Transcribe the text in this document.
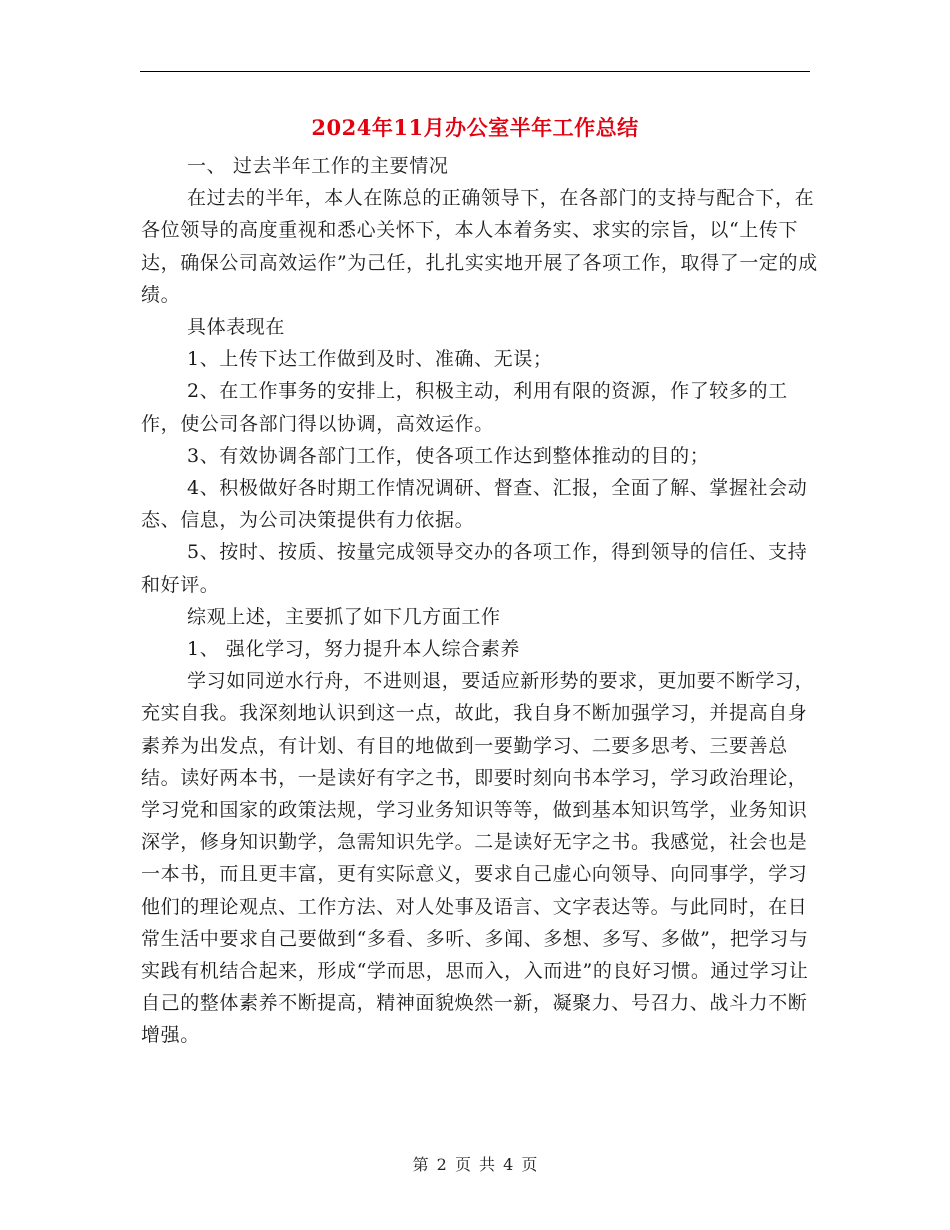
2024年11月办公室半年工作总结

一、 过去半年工作的主要情况

在过去的半年，本人在陈总的正确领导下，在各部门的支持与配合下，在各位领导的高度重视和悉心关怀下，本人本着务实、求实的宗旨，以“上传下达，确保公司高效运作”为己任，扎扎实实地开展了各项工作，取得了一定的成绩。

具体表现在

1、上传下达工作做到及时、准确、无误；

2、在工作事务的安排上，积极主动，利用有限的资源，作了较多的工作，使公司各部门得以协调，高效运作。

3、有效协调各部门工作，使各项工作达到整体推动的目的；

4、积极做好各时期工作情况调研、督查、汇报，全面了解、掌握社会动态、信息，为公司决策提供有力依据。

5、按时、按质、按量完成领导交办的各项工作，得到领导的信任、支持和好评。

综观上述，主要抓了如下几方面工作

1、 强化学习，努力提升本人综合素养

学习如同逆水行舟，不进则退，要适应新形势的要求，更加要不断学习，充实自我。我深刻地认识到这一点，故此，我自身不断加强学习，并提高自身素养为出发点，有计划、有目的地做到一要勤学习、二要多思考、三要善总结。读好两本书，一是读好有字之书，即要时刻向书本学习，学习政治理论，学习党和国家的政策法规，学习业务知识等等，做到基本知识笃学，业务知识深学，修身知识勤学，急需知识先学。二是读好无字之书。我感觉，社会也是一本书，而且更丰富，更有实际意义，要求自己虚心向领导、向同事学，学习他们的理论观点、工作方法、对人处事及语言、文字表达等。与此同时，在日常生活中要求自己要做到“多看、多听、多闻、多想、多写、多做”，把学习与实践有机结合起来，形成“学而思，思而入，入而进”的良好习惯。通过学习让自己的整体素养不断提高，精神面貌焕然一新，凝聚力、号召力、战斗力不断增强。

第 2 页 共 4 页
